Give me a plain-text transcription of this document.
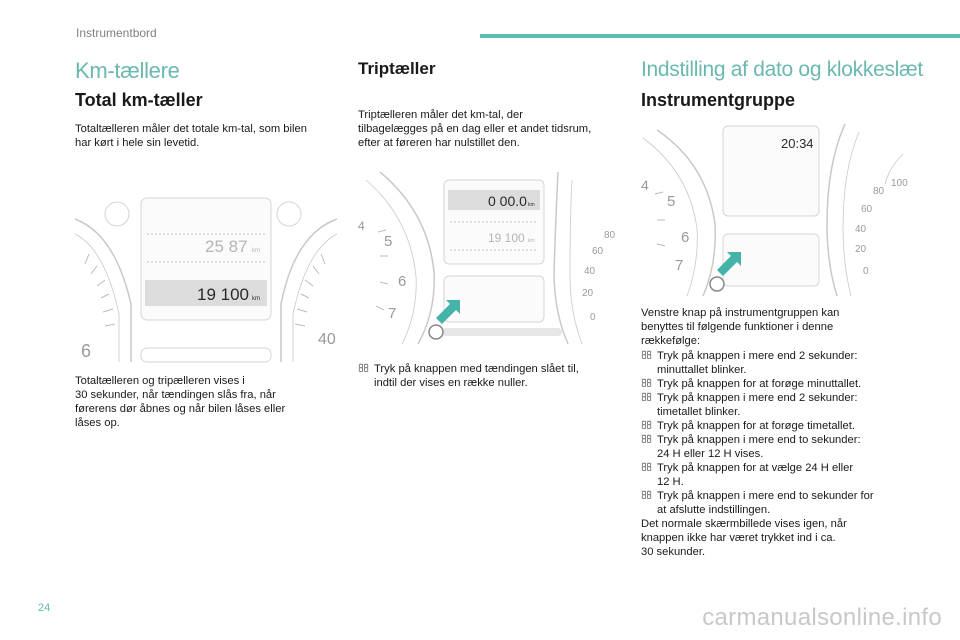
Instrumentbord
Km-tællere
Total km-tæller
Totaltælleren måler det totale km-tal, som bilen
har kørt i hele sin levetid.
6
40
25 87 km
19 100 km
Totaltælleren og tripælleren vises i
30 sekunder, når tændingen slås fra, når
førerens dør åbnes og når bilen låses eller
låses op.
Triptæller
Triptælleren måler det km-tal, der
tilbagelægges på en dag eller et andet tidsrum,
efter at føreren har nulstillet den.
4
5
6
7
80
60
40
20
0
0 00.0 km
19 100 km
Tryk på knappen med tændingen slået til,
indtil der vises en række nuller.
Indstilling af dato og klokkeslæt
Instrumentgruppe
4
5
6
7
100
80
60
40
20
0
20:34
Venstre knap på instrumentgruppen kan
benyttes til følgende funktioner i denne
rækkefølge:
Tryk på knappen i mere end 2 sekunder:
minuttallet blinker.
Tryk på knappen for at forøge minuttallet.
Tryk på knappen i mere end 2 sekunder:
timetallet blinker.
Tryk på knappen for at forøge timetallet.
Tryk på knappen i mere end to sekunder:
24 H eller 12 H vises.
Tryk på knappen for at vælge 24 H eller
12 H.
Tryk på knappen i mere end to sekunder for
at afslutte indstillingen.
Det normale skærmbillede vises igen, når
knappen ikke har været trykket ind i ca.
30 sekunder.
24	carmanualsonline.info
